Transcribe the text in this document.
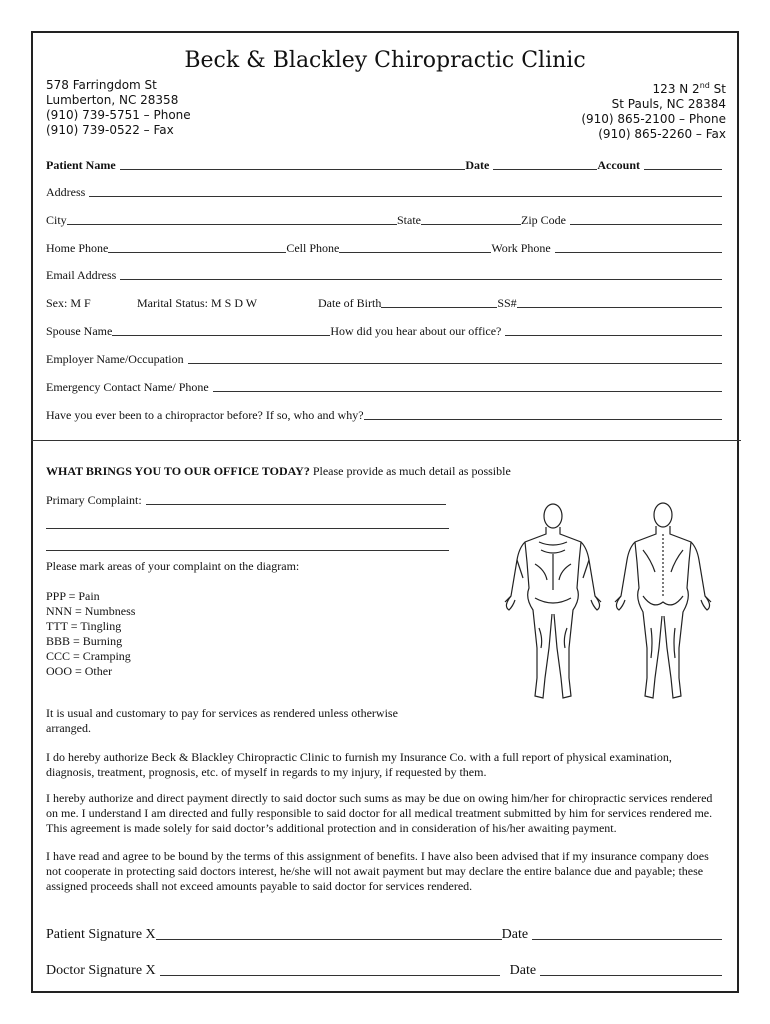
Beck & Blackley Chiropractic Clinic
578 Farringdom St
Lumberton, NC 28358
(910) 739-5751 – Phone
(910) 739-0522 – Fax
123 N 2nd St
St Pauls, NC 28384
(910) 865-2100 – Phone
(910) 865-2260 – Fax
Patient Name	Date	Account
Address
City	State	Zip Code
Home Phone	Cell Phone	Work Phone
Email Address
Sex: M F	Marital Status: M S D W	Date of Birth	SS#
Spouse Name	How did you hear about our office?
Employer Name/Occupation
Emergency Contact Name/ Phone
Have you ever been to a chiropractor before? If so, who and why?
WHAT BRINGS YOU TO OUR OFFICE TODAY? Please provide as much detail as possible
Primary Complaint:
Please mark areas of your complaint on the diagram:
PPP = Pain
NNN = Numbness
TTT = Tingling
BBB = Burning
CCC = Cramping
OOO = Other
It is usual and customary to pay for services as rendered unless otherwise arranged.
I do hereby authorize Beck & Blackley Chiropractic Clinic to furnish my Insurance Co. with a full report of physical examination, diagnosis, treatment, prognosis, etc. of myself in regards to my injury, if requested by them.
I hereby authorize and direct payment directly to said doctor such sums as may be due on owing him/her for chiropractic services rendered on me. I understand I am directed and fully responsible to said doctor for all medical treatment submitted by him for services rendered me. This agreement is made solely for said doctor’s additional protection and in consideration of his/her awaiting payment.
I have read and agree to be bound by the terms of this assignment of benefits. I have also been advised that if my insurance company does not cooperate in protecting said doctors interest, he/she will not await payment but may declare the entire balance due and payable; these assigned proceeds shall not exceed amounts payable to said doctor for services rendered.
Patient Signature X	Date
Doctor Signature X	Date
